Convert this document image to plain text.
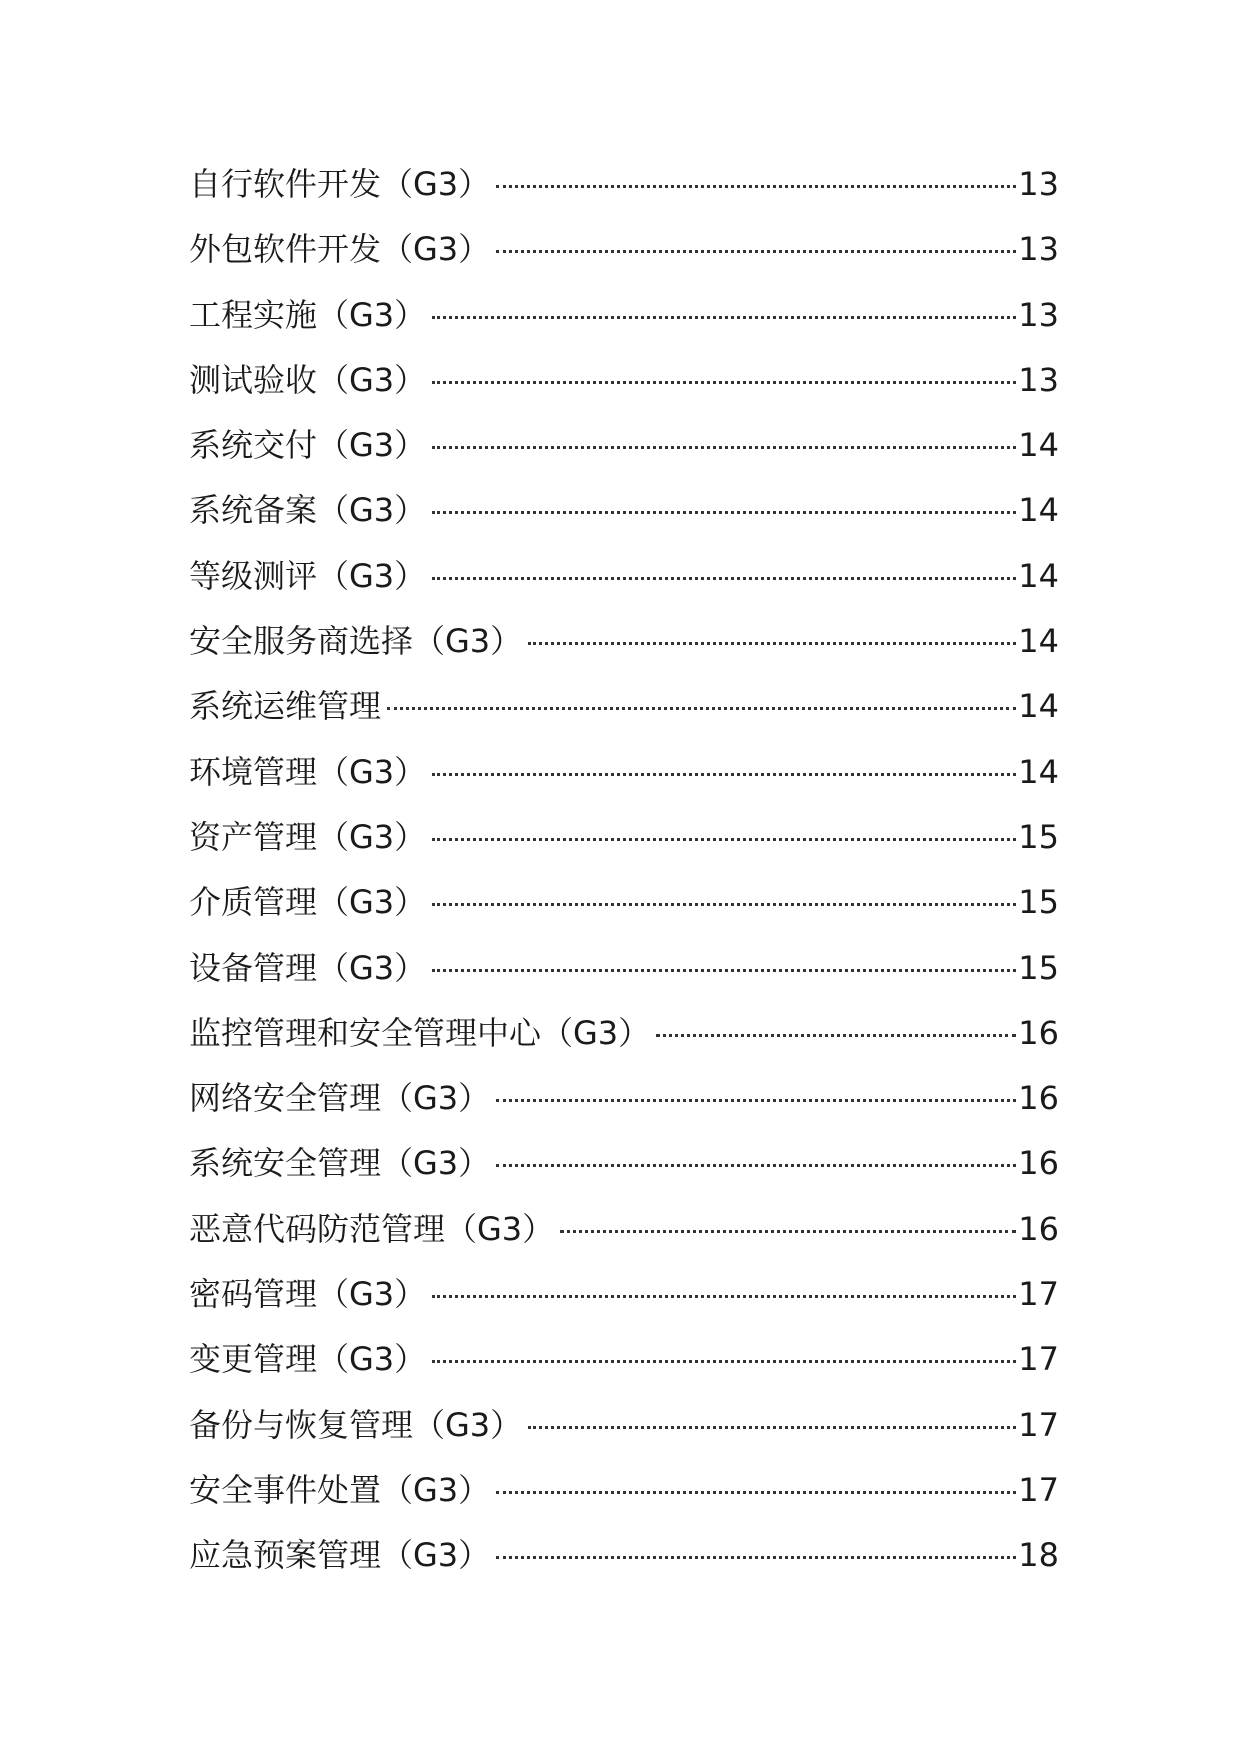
自行软件开发（G3）	13
外包软件开发（G3）	13
工程实施（G3）	13
测试验收（G3）	13
系统交付（G3）	14
系统备案（G3）	14
等级测评（G3）	14
安全服务商选择（G3）	14
系统运维管理	14
环境管理（G3）	14
资产管理（G3）	15
介质管理（G3）	15
设备管理（G3）	15
监控管理和安全管理中心（G3）	16
网络安全管理（G3）	16
系统安全管理（G3）	16
恶意代码防范管理（G3）	16
密码管理（G3）	17
变更管理（G3）	17
备份与恢复管理（G3）	17
安全事件处置（G3）	17
应急预案管理（G3）	18
